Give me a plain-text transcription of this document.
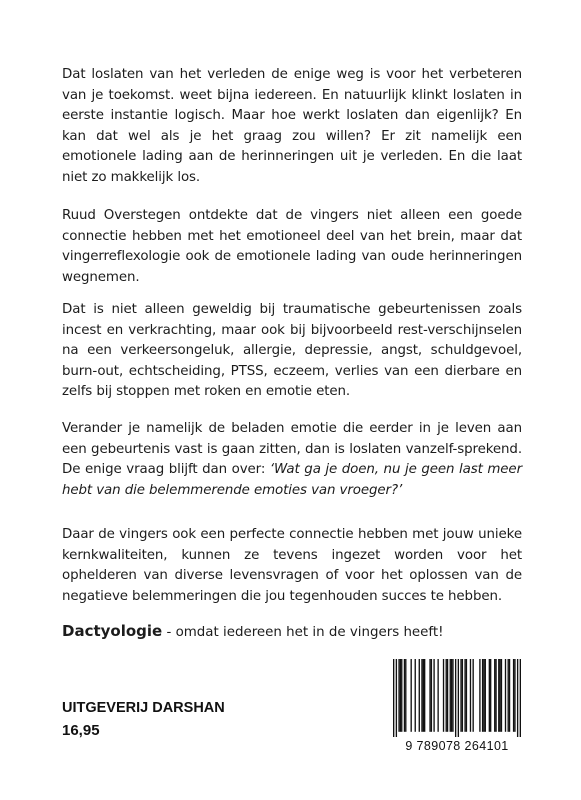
Dat loslaten van het verleden de enige weg is voor het verbeteren van je toekomst. weet bijna iedereen. En natuurlijk klinkt loslaten in eerste instantie logisch. Maar hoe werkt loslaten dan eigenlijk? En kan dat wel als je het graag zou willen? Er zit namelijk een emotionele lading aan de herinneringen uit je verleden. En die laat niet zo makkelijk los.

Ruud Overstegen ontdekte dat de vingers niet alleen een goede connectie hebben met het emotioneel deel van het brein, maar dat vingerreflexologie ook de emotionele lading van oude herinneringen wegnemen.

Dat is niet alleen geweldig bij traumatische gebeurtenissen zoals incest en verkrachting, maar ook bij bijvoorbeeld rest-verschijnselen na een verkeersongeluk, allergie, depressie, angst, schuldgevoel, burn-out, echtscheiding, PTSS, eczeem, verlies van een dierbare en zelfs bij stoppen met roken en emotie eten.

Verander je namelijk de beladen emotie die eerder in je leven aan een gebeurtenis vast is gaan zitten, dan is loslaten vanzelf-sprekend. De enige vraag blijft dan over: ‘Wat ga je doen, nu je geen last meer hebt van die belemmerende emoties van vroeger?’

Daar de vingers ook een perfecte connectie hebben met jouw unieke kernkwaliteiten, kunnen ze tevens ingezet worden voor het ophelderen van diverse levensvragen of voor het oplossen van de negatieve belemmeringen die jou tegenhouden succes te hebben.

Dactyologie - omdat iedereen het in de vingers heeft!

UITGEVERIJ DARSHAN

16,95

9 789078 264101
